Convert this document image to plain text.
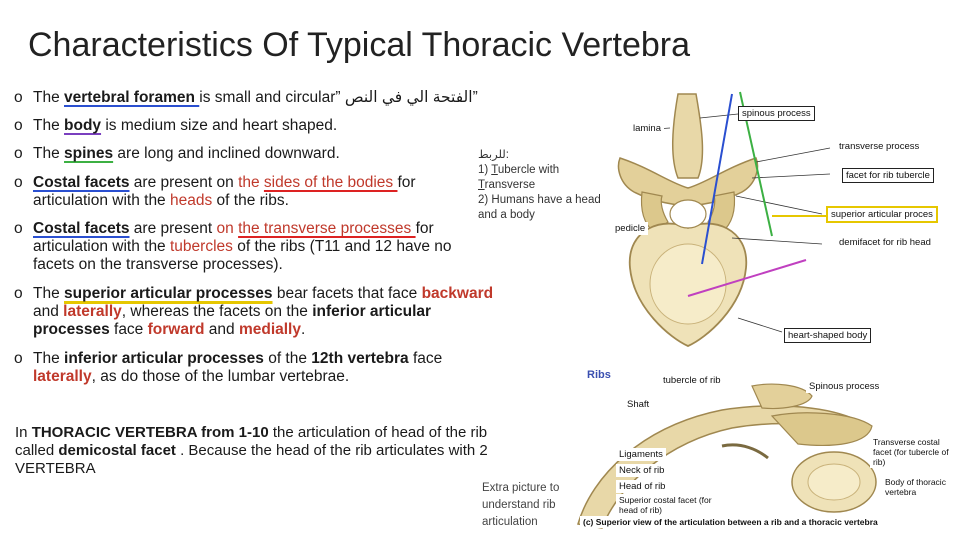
Characteristics Of Typical Thoracic Vertebra
o The vertebral foramen is small and circular” الفتحة الي في النص”
o The body is medium size and heart shaped.
o The spines are long and inclined downward.
o Costal facets are present on the sides of the bodies for
articulation with the heads of the ribs.
o Costal facets are present on the transverse processes for
articulation with the tubercles of the ribs (T11 and 12 have no
facets on the transverse processes).
o The superior articular processes bear facets that face backward
and laterally, whereas the facets on the inferior articular
processes face forward and medially.
o The inferior articular processes of the 12th vertebra face
laterally, as do those of the lumbar vertebrae.
:للربط
1) Tubercle with
Transverse
2) Humans have a head
and a body
In THORACIC VERTEBRA from 1-10 the articulation of head of the rib called demicostal facet . Because the head of the rib articulates with 2 VERTEBRA
Extra picture to understand rib articulation
lamina
spinous process
transverse process
facet for rib tubercle
superior articular proces
pedicle
demifacet for rib head
heart-shaped body
Ribs	tubercle of rib
Spinous process
Shaft
Transverse costal facet (for tubercle of rib)
Ligaments
Neck of rib
Head of rib
Superior costal facet (for head of rib)
Body of thoracic vertebra
(c) Superior view of the articulation between a rib and a thoracic vertebra
